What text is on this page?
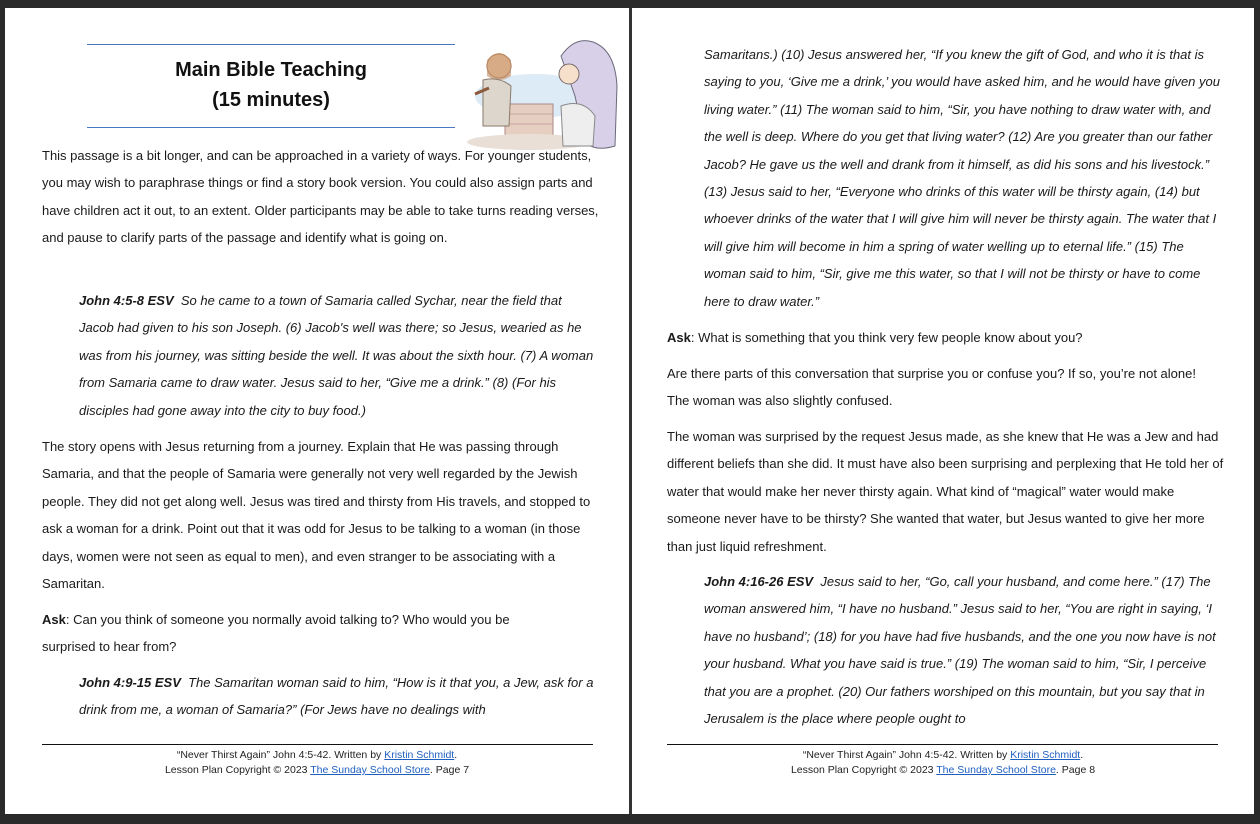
Main Bible Teaching
(15 minutes)

This passage is a bit longer, and can be approached in a variety of ways. For younger students, you may wish to paraphrase things or find a story book version. You could also assign parts and have children act it out, to an extent. Older participants may be able to take turns reading verses, and pause to clarify parts of the passage and identify what is going on.

John 4:5-8 ESV So he came to a town of Samaria called Sychar, near the field that Jacob had given to his son Joseph. (6) Jacob's well was there; so Jesus, wearied as he was from his journey, was sitting beside the well. It was about the sixth hour. (7) A woman from Samaria came to draw water. Jesus said to her, “Give me a drink.” (8) (For his disciples had gone away into the city to buy food.)

The story opens with Jesus returning from a journey. Explain that He was passing through Samaria, and that the people of Samaria were generally not very well regarded by the Jewish people. They did not get along well. Jesus was tired and thirsty from His travels, and stopped to ask a woman for a drink. Point out that it was odd for Jesus to be talking to a woman (in those days, women were not seen as equal to men), and even stranger to be associating with a Samaritan.

Ask: Can you think of someone you normally avoid talking to? Who would you be surprised to hear from?

John 4:9-15 ESV The Samaritan woman said to him, “How is it that you, a Jew, ask for a drink from me, a woman of Samaria?” (For Jews have no dealings with

“Never Thirst Again” John 4:5-42. Written by Kristin Schmidt.
Lesson Plan Copyright © 2023 The Sunday School Store. Page 7

Samaritans.) (10) Jesus answered her, “If you knew the gift of God, and who it is that is saying to you, ‘Give me a drink,’ you would have asked him, and he would have given you living water.” (11) The woman said to him, “Sir, you have nothing to draw water with, and the well is deep. Where do you get that living water? (12) Are you greater than our father Jacob? He gave us the well and drank from it himself, as did his sons and his livestock.” (13) Jesus said to her, “Everyone who drinks of this water will be thirsty again, (14) but whoever drinks of the water that I will give him will never be thirsty again. The water that I will give him will become in him a spring of water welling up to eternal life.” (15) The woman said to him, “Sir, give me this water, so that I will not be thirsty or have to come here to draw water.”

Ask: What is something that you think very few people know about you?

Are there parts of this conversation that surprise you or confuse you? If so, you’re not alone! The woman was also slightly confused.

The woman was surprised by the request Jesus made, as she knew that He was a Jew and had different beliefs than she did. It must have also been surprising and perplexing that He told her of water that would make her never thirsty again. What kind of “magical” water would make someone never have to be thirsty? She wanted that water, but Jesus wanted to give her more than just liquid refreshment.

John 4:16-26 ESV Jesus said to her, “Go, call your husband, and come here.” (17) The woman answered him, “I have no husband.” Jesus said to her, “You are right in saying, ‘I have no husband’; (18) for you have had five husbands, and the one you now have is not your husband. What you have said is true.” (19) The woman said to him, “Sir, I perceive that you are a prophet. (20) Our fathers worshiped on this mountain, but you say that in Jerusalem is the place where people ought to

“Never Thirst Again” John 4:5-42. Written by Kristin Schmidt.
Lesson Plan Copyright © 2023 The Sunday School Store. Page 8
